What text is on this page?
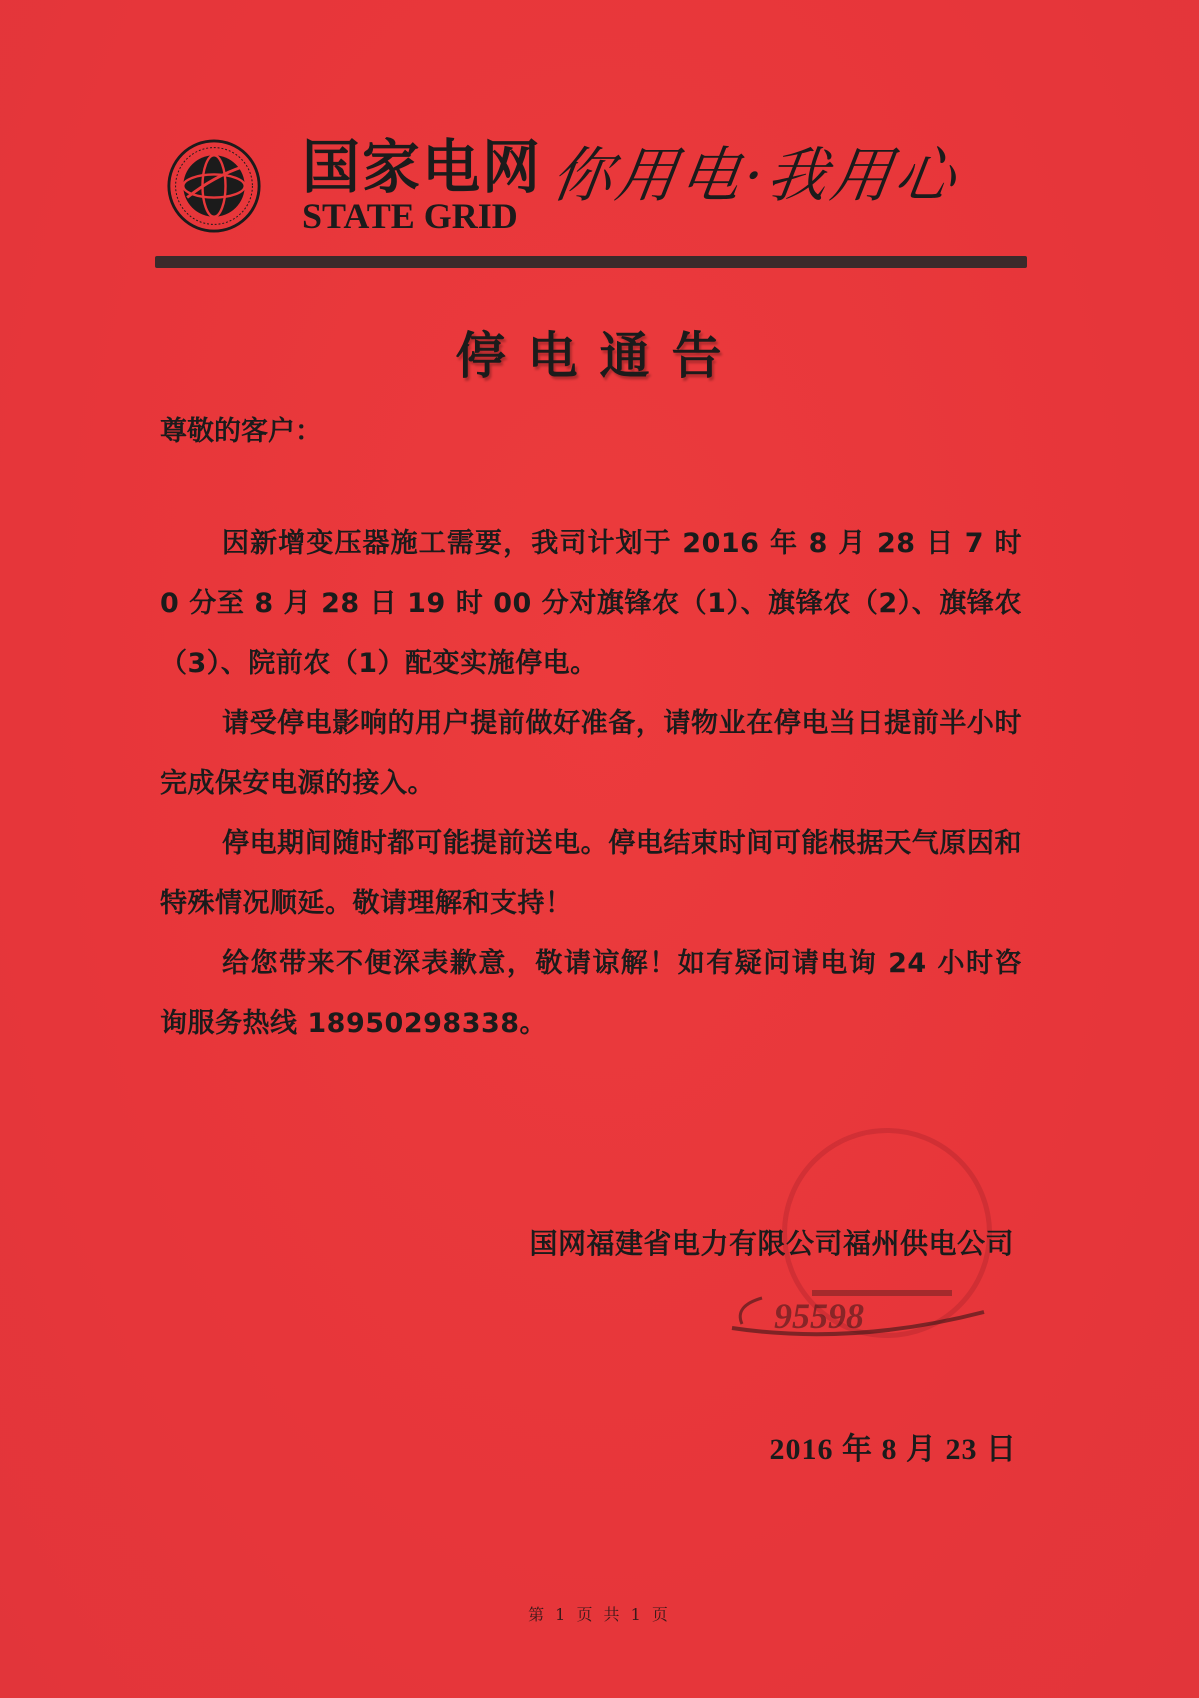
国家电网
STATE GRID
你用电·我用心
停电通告

尊敬的客户：

因新增变压器施工需要，我司计划于 2016 年 8 月 28 日 7 时 0 分至 8 月 28 日 19 时 00 分对旗锋农（1）、旗锋农（2）、旗锋农（3）、院前农（1）配变实施停电。

请受停电影响的用户提前做好准备，请物业在停电当日提前半小时完成保安电源的接入。

停电期间随时都可能提前送电。停电结束时间可能根据天气原因和特殊情况顺延。敬请理解和支持！

给您带来不便深表歉意，敬请谅解！如有疑问请电询 24 小时咨询服务热线 18950298338。

国网福建省电力有限公司福州供电公司
95598
2016 年 8 月 23 日
第 1 页 共 1 页
